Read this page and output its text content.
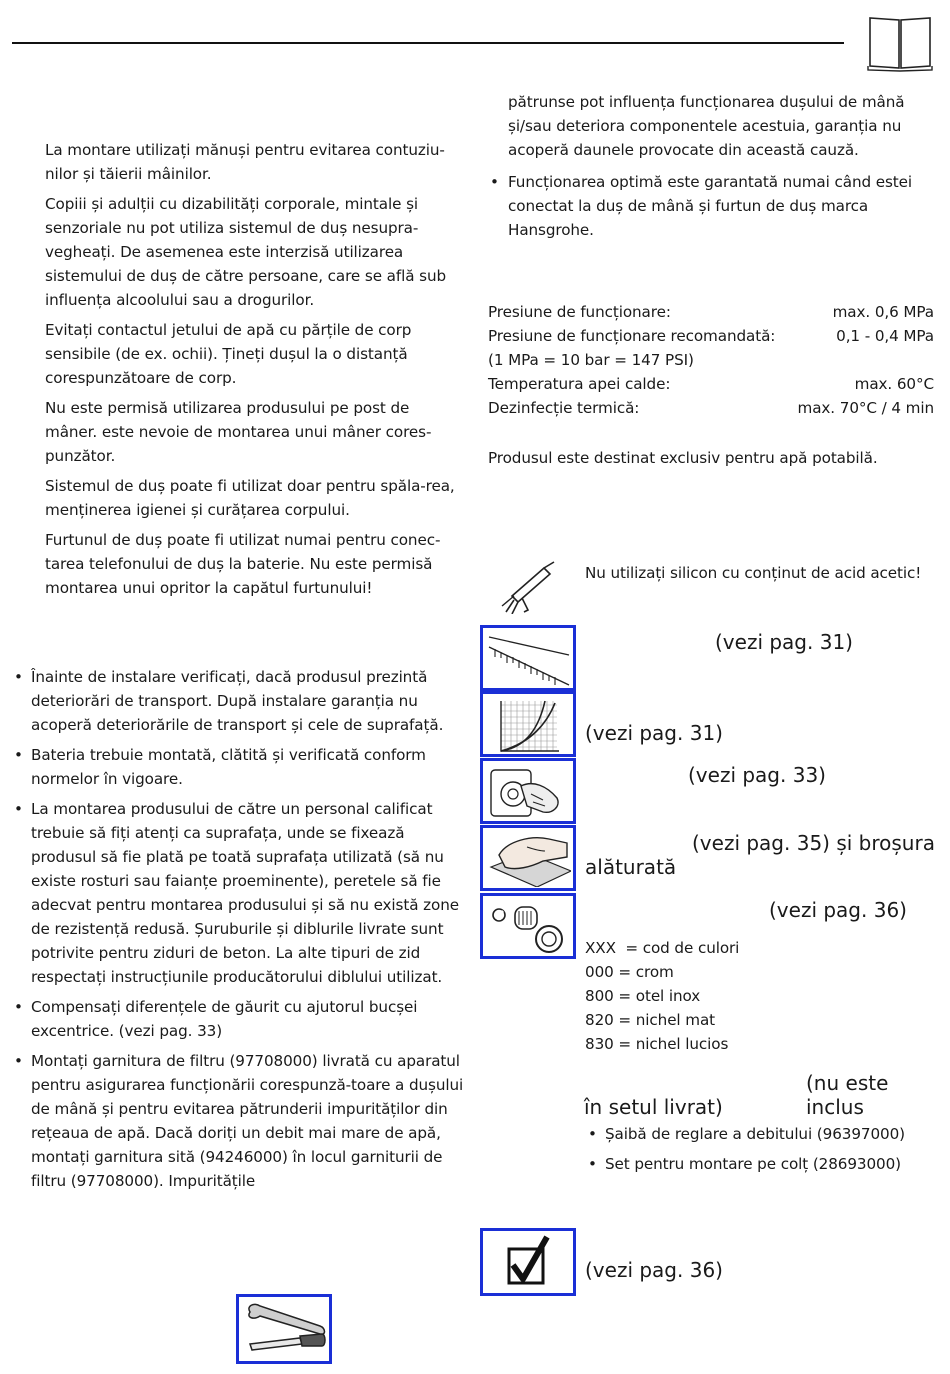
La montare utilizați mănuși pentru evitarea contuziu-nilor și tăierii mâinilor.

Copiii și adulții cu dizabilități corporale, mintale și senzoriale nu pot utiliza sistemul de duș nesupra-vegheați. De asemenea este interzisă utilizarea sistemului de duș de către persoane, care se află sub influența alcoolului sau a drogurilor.

Evitați contactul jetului de apă cu părțile de corp sensibile (de ex. ochii). Țineți dușul la o distanță corespunzătoare de corp.

Nu este permisă utilizarea produsului pe post de mâner. este nevoie de montarea unui mâner cores-punzător.

Sistemul de duș poate fi utilizat doar pentru spăla-rea, menținerea igienei și curățarea corpului.

Furtunul de duș poate fi utilizat numai pentru conec-tarea telefonului de duș la baterie. Nu este permisă montarea unui opritor la capătul furtunului!

• Înainte de instalare verificați, dacă produsul prezintă deteriorări de transport. După instalare garanția nu acoperă deteriorările de transport și cele de suprafață.
• Bateria trebuie montată, clătită și verificată conform normelor în vigoare.
• La montarea produsului de către un personal calificat trebuie să fiți atenți ca suprafața, unde se fixează produsul să fie plată pe toată suprafața utilizată (să nu existe rosturi sau faianțe proeminente), peretele să fie adecvat pentru montarea produsului și să nu există zone de rezistență redusă. Șuruburile și diblurile livrate sunt potrivite pentru ziduri de beton. La alte tipuri de zid respectați instrucțiunile producătorului diblului utilizat.
• Compensați diferențele de găurit cu ajutorul bucșei excentrice. (vezi pag. 33)
• Montați garnitura de filtru (97708000) livrată cu aparatul pentru asigurarea funcționării corespunză-toare a dușului de mână și pentru evitarea pătrunderii impurităților din rețeaua de apă. Dacă doriți un debit mai mare de apă, montați garnitura sită (94246000) în locul garniturii de filtru (97708000). Impuritățile

pătrunse pot influența funcționarea dușului de mână și/sau deteriora componentele acestuia, garanția nu acoperă daunele provocate din această cauză.

• Funcționarea optimă este garantată numai când estei conectat la duș de mână și furtun de duș marca Hansgrohe.
Presiune de funcționare:	max. 0,6 MPa
Presiune de funcționare recomandată:	0,1 - 0,4 MPa
(1 MPa = 10 bar = 147 PSI)
Temperatura apei calde:	max. 60°C
Dezinfecție termică:	max. 70°C / 4 min

Produsul este destinat exclusiv pentru apă potabilă.

Nu utilizați silicon cu conținut de acid acetic!

(vezi pag. 31)
(vezi pag. 31)
(vezi pag. 33)
(vezi pag. 35) și broșura
alăturată
(vezi pag. 36)
XXX  = cod de culori
000 = crom
800 = otel inox
820 = nichel mat
830 = nichel lucios
(nu este inclus
în setul livrat)
• Șaibă de reglare a debitului (96397000)
• Set pentru montare pe colț (28693000)
(vezi pag. 36)
